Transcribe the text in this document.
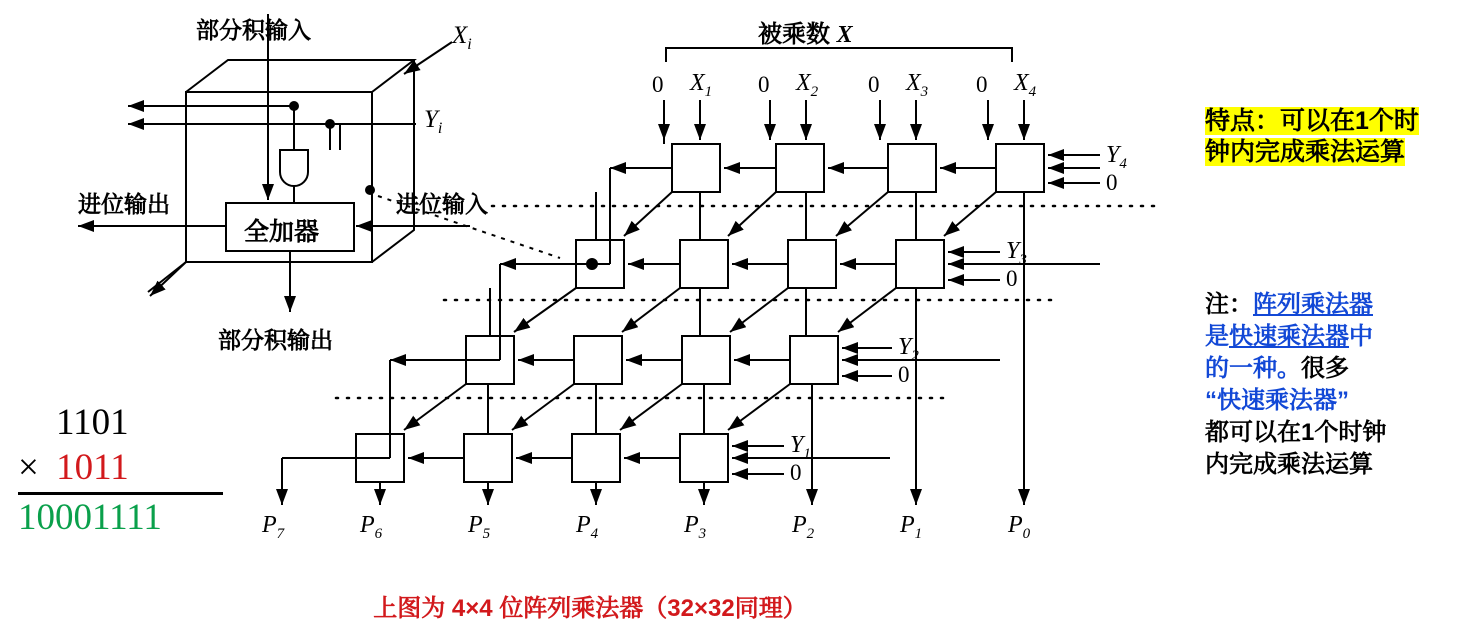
部分积输入	$X_i$
$Y_i$
进位输出	进位输入
全加器
部分积输出
被乘数 X
0 $X_1$ 0 $X_2$ 0 $X_3$ 0 $X_4$
$Y_4$
0
$Y_3$
0
$Y_2$
0
$Y_1$
0
$P_7$	$P_6$	$P_5$	$P_4$	$P_3$	$P_2$	$P_1$	$P_0$
1101
× 1011
10001111
特点：可以在1个时
钟内完成乘法运算
注：阵列乘法器
是快速乘法器中
的一种。很多
“快速乘法器”
都可以在1个时钟
内完成乘法运算
上图为 4×4 位阵列乘法器（32×32同理）
